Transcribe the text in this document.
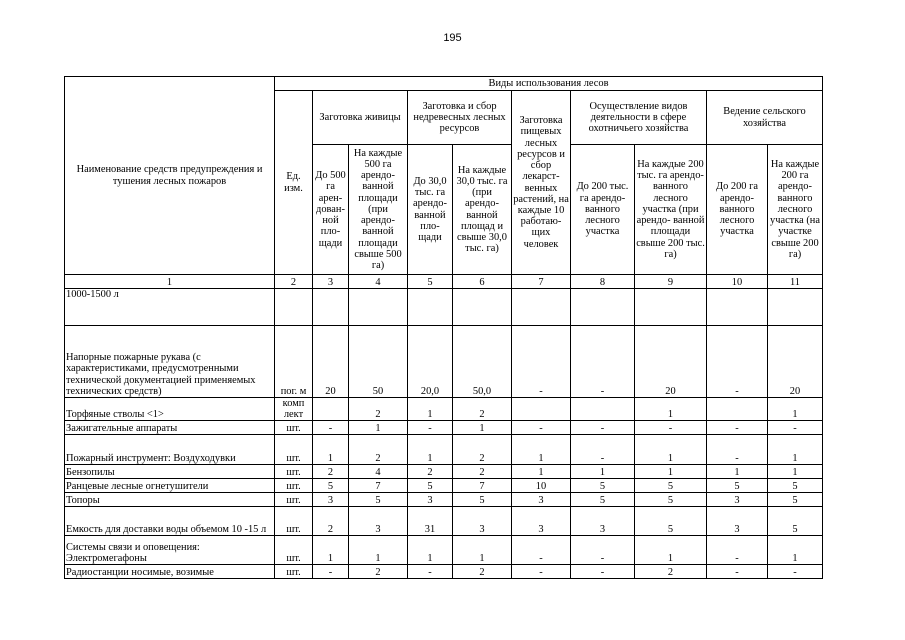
195
Наименование средств предупреждения и тушения лесных пожаров	Виды использования лесов									
	Ед. изм.	Заготовка живицы		Заготовка и сбор недревесных лесных ресурсов		Заготовка пищевых лесных ресурсов и сбор лекарст- венных растений, на каждые 10 работаю- щих человек	Осуществление видов деятельности в сфере охотничьего хозяйства		Ведение сельского хозяйства	
		До 500 га арен- дован- ной пло- щади	На каждые 500 га арендо- ванной площади (при арендо- ванной площади свыше 500 га)	До 30,0 тыс. га арендо- ванной пло- щади	На каждые 30,0 тыс. га (при арендо- ванной площад и свыше 30,0 тыс. га)		До 200 тыс. га арендо- ванного лесного участка	На каждые 200 тыс. га арендо- ванного лесного участка (при арендо- ванной площади свыше 200 тыс. га)	До 200 га арендо- ванного лесного участка	На каждые 200 га арендо- ванного лесного участка (на участке свыше 200 га)
1	2	3	4	5	6	7	8	9	10	11
1000-1500 л										
Напорные пожарные рукава (с характеристиками, предусмотренными технической документацией применяемых технических средств)	пог. м	20	50	20,0	50,0	-	-	20	-	20
Торфяные стволы <1>	комп лект		2	1	2			1		1
Зажигательные аппараты	шт.	-	1	-	1	-	-	-	-	-
Пожарный инструмент: Воздуходувки	шт.	1	2	1	2	1	-	1	-	1
Бензопилы	шт.	2	4	2	2	1	1	1	1	1
Ранцевые лесные огнетушители	шт.	5	7	5	7	10	5	5	5	5
Топоры	шт.	3	5	3	5	3	5	5	3	5
Емкость для доставки воды объемом 10 -15 л	шт.	2	3	31	3	3	3	5	3	5
Системы связи и оповещения: Электромегафоны	шт.	1	1	1	1	-	-	1	-	1
Радиостанции носимые, возимые	шт.	-	2	-	2	-	-	2	-	-
